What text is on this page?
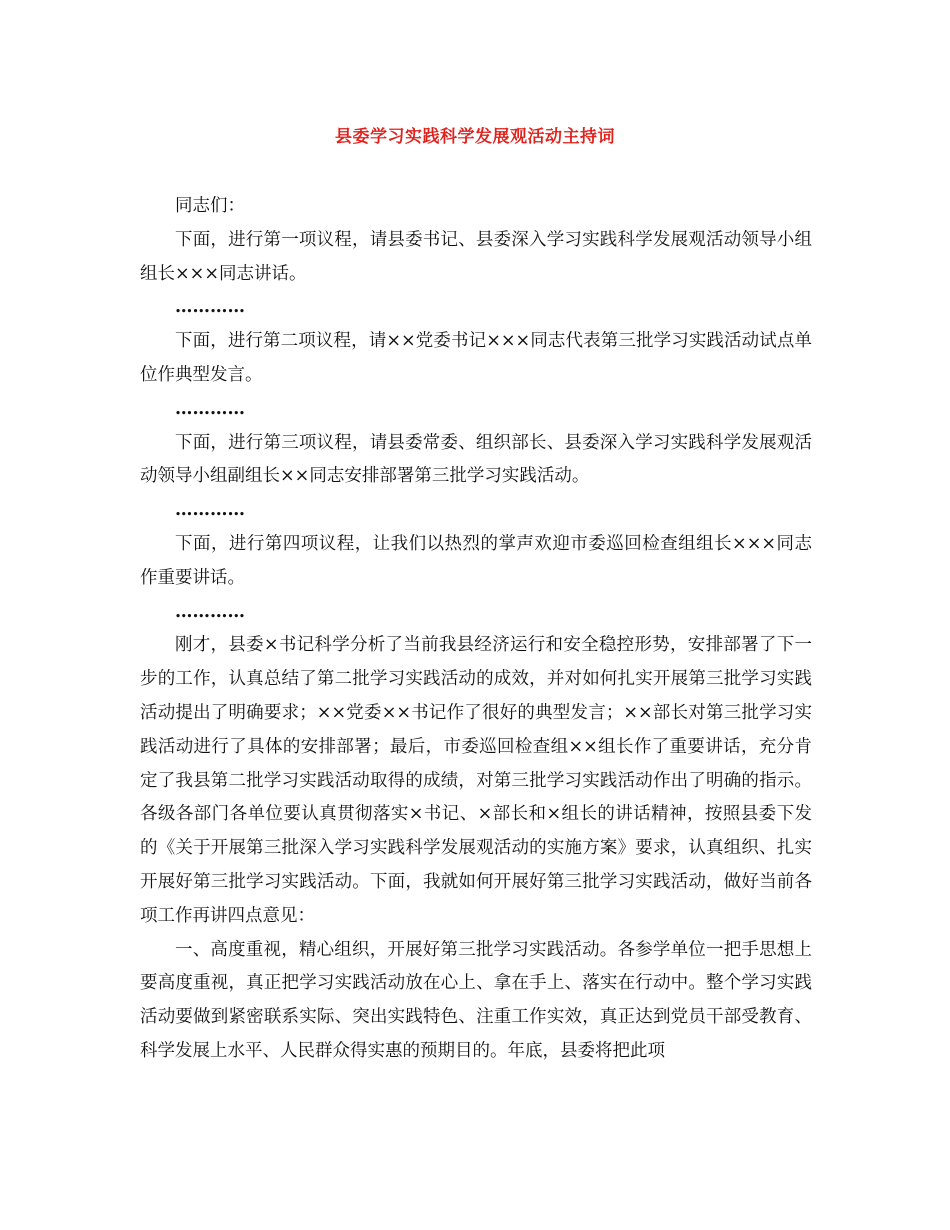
县委学习实践科学发展观活动主持词

同志们：

下面，进行第一项议程，请县委书记、县委深入学习实践科学发展观活动领导小组组长×××同志讲话。

…………

下面，进行第二项议程，请××党委书记×××同志代表第三批学习实践活动试点单位作典型发言。

…………

下面，进行第三项议程，请县委常委、组织部长、县委深入学习实践科学发展观活动领导小组副组长××同志安排部署第三批学习实践活动。

…………

下面，进行第四项议程，让我们以热烈的掌声欢迎市委巡回检查组组长×××同志作重要讲话。

…………

刚才，县委×书记科学分析了当前我县经济运行和安全稳控形势，安排部署了下一步的工作，认真总结了第二批学习实践活动的成效，并对如何扎实开展第三批学习实践活动提出了明确要求；××党委××书记作了很好的典型发言；××部长对第三批学习实践活动进行了具体的安排部署；最后，市委巡回检查组××组长作了重要讲话，充分肯定了我县第二批学习实践活动取得的成绩，对第三批学习实践活动作出了明确的指示。各级各部门各单位要认真贯彻落实×书记、×部长和×组长的讲话精神，按照县委下发的《关于开展第三批深入学习实践科学发展观活动的实施方案》要求，认真组织、扎实开展好第三批学习实践活动。下面，我就如何开展好第三批学习实践活动，做好当前各项工作再讲四点意见：

一、高度重视，精心组织，开展好第三批学习实践活动。各参学单位一把手思想上要高度重视，真正把学习实践活动放在心上、拿在手上、落实在行动中。整个学习实践活动要做到紧密联系实际、突出实践特色、注重工作实效，真正达到党员干部受教育、科学发展上水平、人民群众得实惠的预期目的。年底，县委将把此项
